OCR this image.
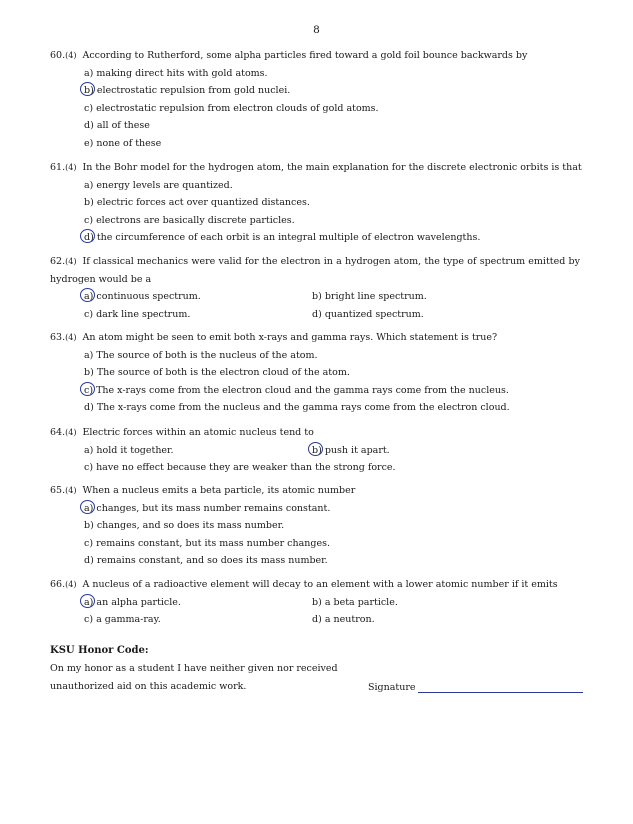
8
60.(4) According to Rutherford, some alpha particles fired toward a gold foil bounce backwards by
a) making direct hits with gold atoms.
b) electrostatic repulsion from gold nuclei.
c) electrostatic repulsion from electron clouds of gold atoms.
d) all of these
e) none of these
61.(4) In the Bohr model for the hydrogen atom, the main explanation for the discrete electronic orbits is that
a) energy levels are quantized.
b) electric forces act over quantized distances.
c) electrons are basically discrete particles.
d) the circumference of each orbit is an integral multiple of electron wavelengths.
62.(4) If classical mechanics were valid for the electron in a hydrogen atom, the type of spectrum emitted by hydrogen would be a
a) continuous spectrum.	b) bright line spectrum.
c) dark line spectrum.	d) quantized spectrum.
63.(4) An atom might be seen to emit both x-rays and gamma rays. Which statement is true?
a) The source of both is the nucleus of the atom.
b) The source of both is the electron cloud of the atom.
c) The x-rays come from the electron cloud and the gamma rays come from the nucleus.
d) The x-rays come from the nucleus and the gamma rays come from the electron cloud.
64.(4) Electric forces within an atomic nucleus tend to
a) hold it together.	b) push it apart.
c) have no effect because they are weaker than the strong force.
65.(4) When a nucleus emits a beta particle, its atomic number
a) changes, but its mass number remains constant.
b) changes, and so does its mass number.
c) remains constant, but its mass number changes.
d) remains constant, and so does its mass number.
66.(4) A nucleus of a radioactive element will decay to an element with a lower atomic number if it emits
a) an alpha particle.	b) a beta particle.
c) a gamma-ray.	d) a neutron.
KSU Honor Code:
On my honor as a student I have neither given nor received
unauthorized aid on this academic work.	Signature
